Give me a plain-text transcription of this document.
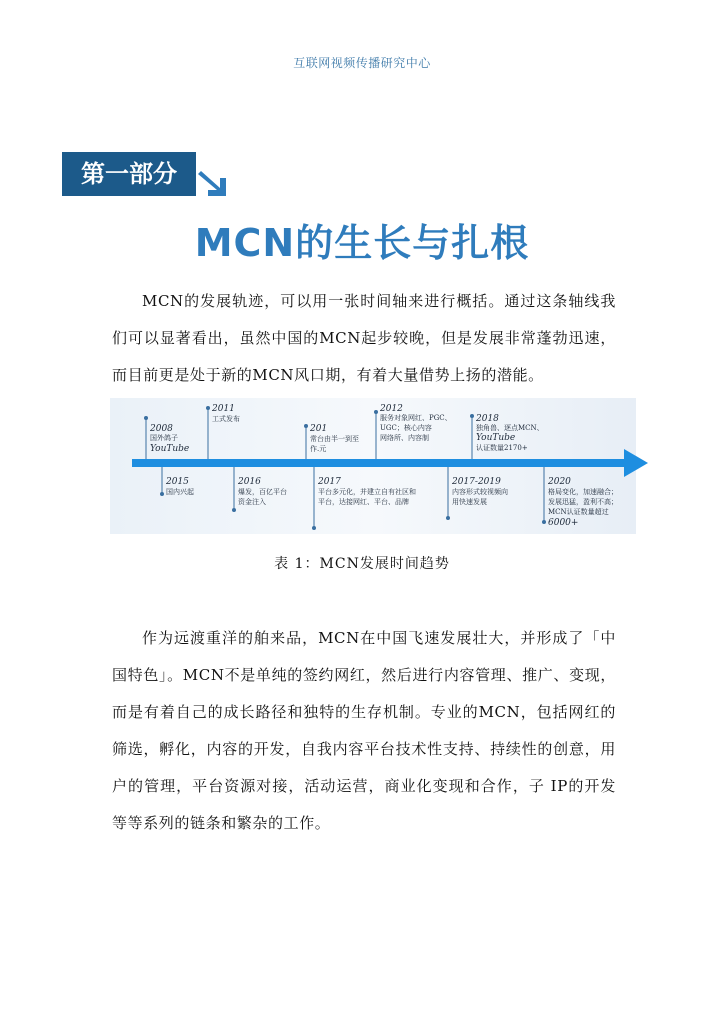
互联网视频传播研究中心
第一部分
MCN的生长与扎根

MCN的发展轨迹，可以用一张时间轴来进行概括。通过这条轴线我们可以显著看出，虽然中国的MCN起步较晚，但是发展非常蓬勃迅速，而目前更是处于新的MCN风口期，有着大量借势上扬的潜能。

2008
国外鸽子
YouTube
2011
工式发布
201
常台由半一到至
作.元
2012
服务对象网红、PGC、
UGC；核心内容
网络所、内容制
2018
独角兽、逐点MCN、
YouTube
认证数量2170+
2015
国内兴起
2016
爆发，百亿平台
资金注入
2017
平台多元化，并建立自有社区和
平台，达接网红、平台、品牌
2017-2019
内容形式较视频向
用快速发展
2020
格局变化，加速融合；
发展迅猛，盈利不高；
MCN认证数量超过
6000+
表 1：MCN发展时间趋势

作为远渡重洋的舶来品，MCN在中国飞速发展壮大，并形成了「中国特色」。MCN不是单纯的签约网红，然后进行内容管理、推广、变现，而是有着自己的成长路径和独特的生存机制。专业的MCN，包括网红的筛选，孵化，内容的开发，自我内容平台技术性支持、持续性的创意，用户的管理，平台资源对接，活动运营，商业化变现和合作，子 IP的开发等等系列的链条和繁杂的工作。
